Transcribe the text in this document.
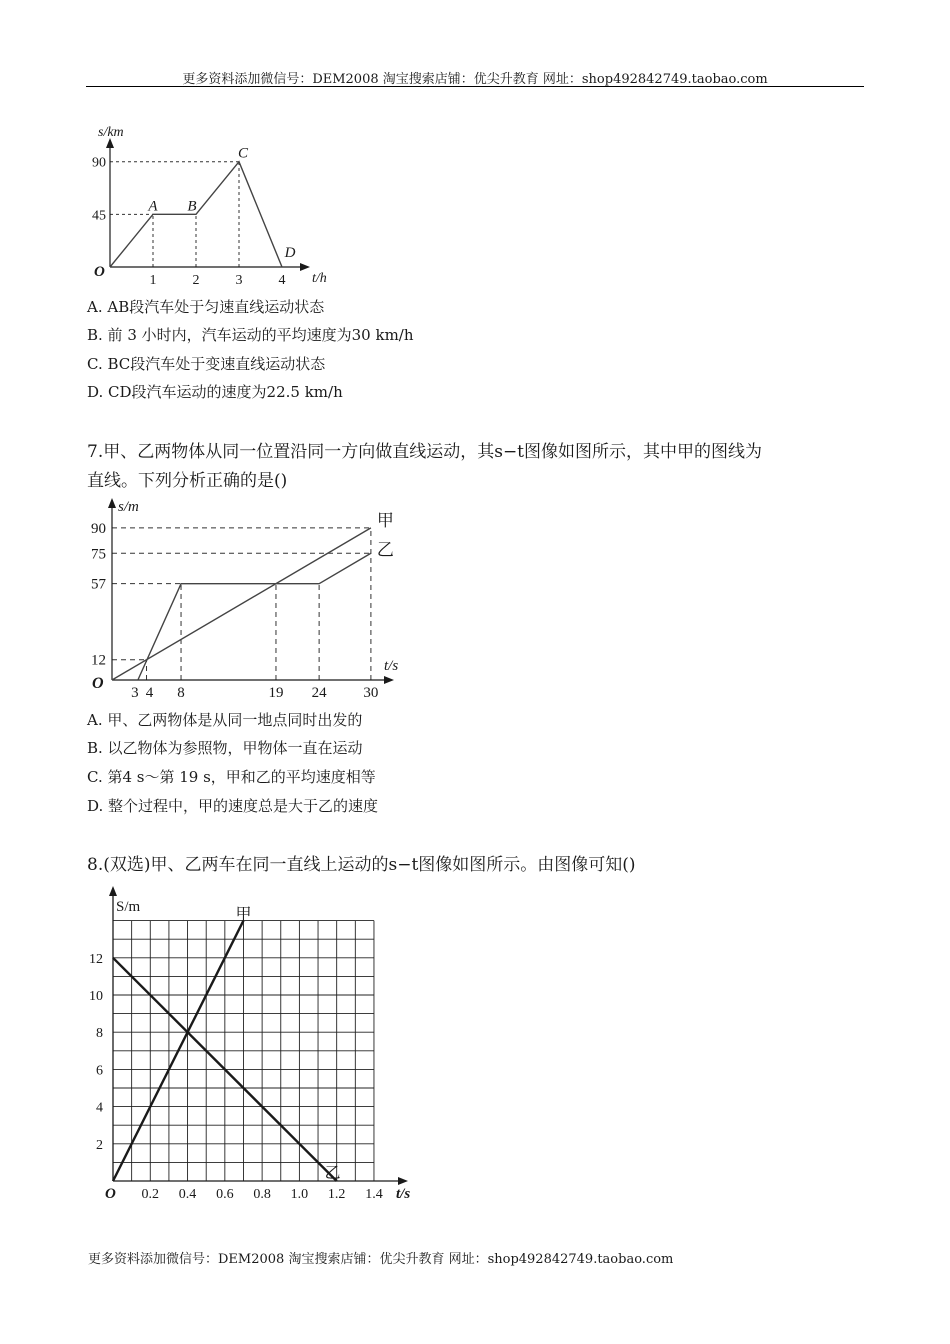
更多资料添加微信号：DEM2008 淘宝搜索店铺：优尖升教育 网址：shop492842749.taobao.com
s/km
t/h
O
1	2	3	4
45
90
A B
C
D
A. AB段汽车处于匀速直线运动状态
B. 前 3 小时内，汽车运动的平均速度为30 km/h
C. BC段汽车处于变速直线运动状态
D. CD段汽车运动的速度为22.5 km/h
7.甲、乙两物体从同一位置沿同一方向做直线运动，其s−t图像如图所示，其中甲的图线为
直线。下列分析正确的是()
s/m
t/s
O
3 4 8	19 24 30
12
57
75
90	甲
乙
A. 甲、乙两物体是从同一地点同时出发的
B. 以乙物体为参照物，甲物体一直在运动
C. 第4 s～第 19 s，甲和乙的平均速度相等
D. 整个过程中，甲的速度总是大于乙的速度
8.(双选)甲、乙两车在同一直线上运动的s−t图像如图所示。由图像可知()
S/m
t/s
O 0.2 0.4 0.6 0.8 1.0 1.2 1.4
2
4
6
8
10
12
甲
乙
更多资料添加微信号：DEM2008 淘宝搜索店铺：优尖升教育 网址：shop492842749.taobao.com
